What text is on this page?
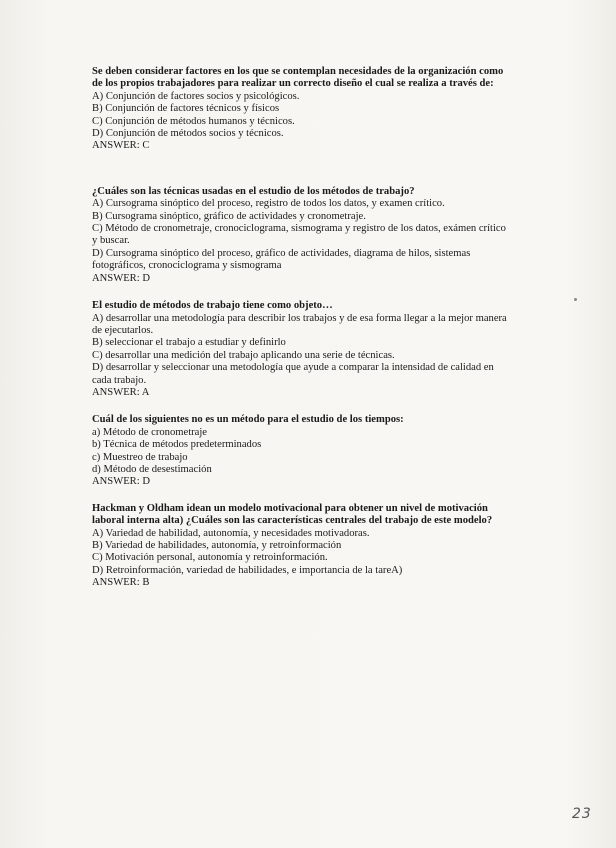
Se deben considerar factores en los que se contemplan necesidades de la organización como de los propios trabajadores para realizar un correcto diseño el cual se realiza a través de:
A) Conjunción de factores socios y psicológicos.
B) Conjunción de factores técnicos y físicos
C) Conjunción de métodos humanos y técnicos.
D) Conjunción de métodos socios y técnicos.
ANSWER: C
¿Cuáles son las técnicas usadas en el estudio de los métodos de trabajo?
A) Cursograma sinóptico del proceso, registro de todos los datos, y examen crítico.
B) Cursograma sinóptico, gráfico de actividades y cronometraje.
C) Método de cronometraje, cronociclograma, sismograma y registro de los datos, exámen crítico y buscar.
D) Cursograma sinóptico del proceso, gráfico de actividades, diagrama de hilos, sistemas fotográficos, cronociclograma y sismograma
ANSWER: D
El estudio de métodos de trabajo tiene como objeto…
A) desarrollar una metodología para describir los trabajos y de esa forma llegar a la mejor manera de ejecutarlos.
B) seleccionar el trabajo a estudiar y definirlo
C) desarrollar una medición del trabajo aplicando una serie de técnicas.
D) desarrollar y seleccionar una metodología que ayude a comparar la intensidad de calidad en cada trabajo.
ANSWER: A
Cuál de los siguientes no es un método para el estudio de los tiempos:
a) Método de cronometraje
b) Técnica de métodos predeterminados
c) Muestreo de trabajo
d) Método de desestimación
ANSWER: D
Hackman y Oldham idean un modelo motivacional para obtener un nivel de motivación laboral interna alta) ¿Cuáles son las características centrales del trabajo de este modelo?
A) Variedad de habilidad, autonomía, y necesidades motivadoras.
B) Variedad de habilidades, autonomía, y retroinformación
C) Motivación personal, autonomía y retroinformación.
D) Retroinformación, variedad de habilidades, e importancia de la tareA)
ANSWER: B
23
